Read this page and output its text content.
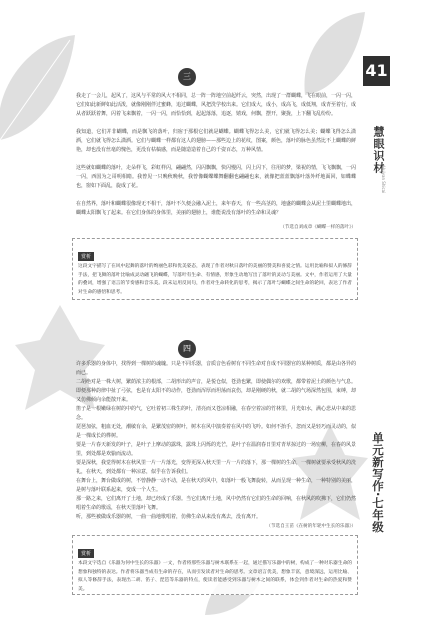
41
慧眼识材
Huiyan Shicai
单元新写作·七年级
三

我走了一会儿，起风了，这风与平常的风大不相同，总一阵一阵地空前起纤云，突然，出现了一群蝴蝶，飞在眼前，一闪一闪，它们如此新鲜如此活泼，就像刚刚伴过蜜蜂，追过蝴蝶，风把洗学校出来。它们成大，成小，成高飞，成低翔，成青至着行，成从者跃跃着舞，闪着飞来飘着，一闪一闪，而恰恰到，起起落落，追逐，嬉戏，何飘，摆开，聚拢，上下翻飞乱纷纷。

我知道，它们并非蝴蝶，而是飘飞的落叶，归宿于那根它们就是蝴蝶。蝴蝶飞得怎么美，它们就飞得怎么美；蝴蝶飞得怎么潇洒，它们就飞得怎么潇洒。它们与蝴蝶一样都有这人的翅膀——那些边上的花纹，图案，颜色，落叶的脉色虽然比不上蝴蝶的鲜艳，却也没有丝毫的愧色，更没有枯槁感，而是随造造着自己的千姿百态，万种风情。

这些就如蝴蝶的落叶，走朵样飞，彩虹样闪，翩翩然，闪闪飘飘，快闪慢闪，闪上闪下，往用的梦，梁祝的情，飞飞飘飘，一闪一闪，西国为之哥明相睹。我曾见一只晚秋晚秋，我曾像蝴蝶蝶舞翻翻也翩翩也来，就像把蓝蓝飘落叶落外纤地面回，如蝶蝶也，窗如下面乱，旋成了花。

在自然界，落叶和蝴蝶很像现无不相干，落叶不久便会融入泥土，来年春天，有一些高茎的，地盛的蝴蝶会从泥土里蝴蝶地出，蝴蝶太阳飘飞了起来。在它们身体的身体里，美丽的翅膀上，谁能说没有落叶的生命和灵魂？

（节选自刘成章《蝴蝶一样的落叶》）
赏析

这段文字描写了在风中起舞的落叶的绚丽色彩和优美姿态，表现了作者对秋日落叶的美丽的赞美和喜爱之情。运用比喻和拟人的修辞手法，把飞舞的落叶比喻成灵动翩飞的蝴蝶，写落叶有生命、有情感，形象生动地写出了落叶的灵动与美丽。文中，作者运用了大量的叠词，增强了语言的节奏感和音乐美。段末运用反问句，作者对生命转化的思考，揭示了落叶与蝴蝶之间生命的轮回，表达了作者对生命的感悟和思考。

四

许多乐器的身体中，找得到一棵树的魂魄。只是不同乐器，音质音色看树有不同生命对自成不同器官的某种树质，都是由各异的而已。

二胡绝对是一株大树，繁荫浓主的根部，二胡形出的声音，是悦仓似，苍劲也繁，即使偶尔的欢歌，都带着泥土的颜色与气息。即便那种韵律中扯了弓弦，也是有太阳不的动作，苍劲而浑厚而坦荡而哀伤，却是刚硬的秋，就二胡的气场深然包围，束缚，却又仿佛倾向余能散开来。

笛子是一根嫩绿在树的中的气，它吐着初三株生的叶，清亮而又苍凉相融，在春空着凉的竹林里，月光如水，满心悲从中来的思念。

琵琶加弦，粗血无处，潮敏有余，是繁茂密的树叶，树木在风中演奏着在风中的飞吟。如何不抬手，忽而又是轻巧而灵动的，似是一棵成长的桦树。

要是一片春天新发的叶子，是叶子上摩动的露珠，露珠上闪烁的光芒，是叶子在温润春日里对青草掠过的一场密柳，在春的风景里，到处都是欢愉而流动。

要是深秋，我觉得树木在秋风里一片一片落光，变得更深入秋天里一片一片的落下，那一棵树的生命，一棵树就要承受秋风的洗礼，在秋天，到处都有一种凉意，似乎在告诉我们。

在舞台上，舞台做成的树，不曾静静一动不动，是在秋天的风中，如落叶一般飞舞旋转，从而呈现一种生命，一种特别的美丽，是树与落叶联系起来，变成一个人生。

那一路之来，它们离开了土地，却已经成了乐器。当它们离开土地，风中仍然有它们的生命的回响，在秋风的吹拂下，它们仍然唱着生命的歌谣，在秋天里落叶飞舞。

听，那些被做成乐器的树，一曲一曲地歌唱着，仿佛生命从来没有离去，没有离开。

（节选自王苗《在树的年轮中生长的乐器》）
赏析

本段文字选自《乐器为何中生长的乐器》一文，作者将那些乐器与树木联系在一起，通过描写乐器中的树，构成了一种对乐器生命的想象和独特的表达。作者将乐器当成有生命的存在，从而引发读者对生命的思考。文章语言优美，想象丰富，意境深远，运用比喻、拟人等修辞手法，表现出二胡、笛子、琵琶等乐器的特点，使读者能感受到乐器与树木之间的联系，体会到作者对生命的热爱和赞美。
